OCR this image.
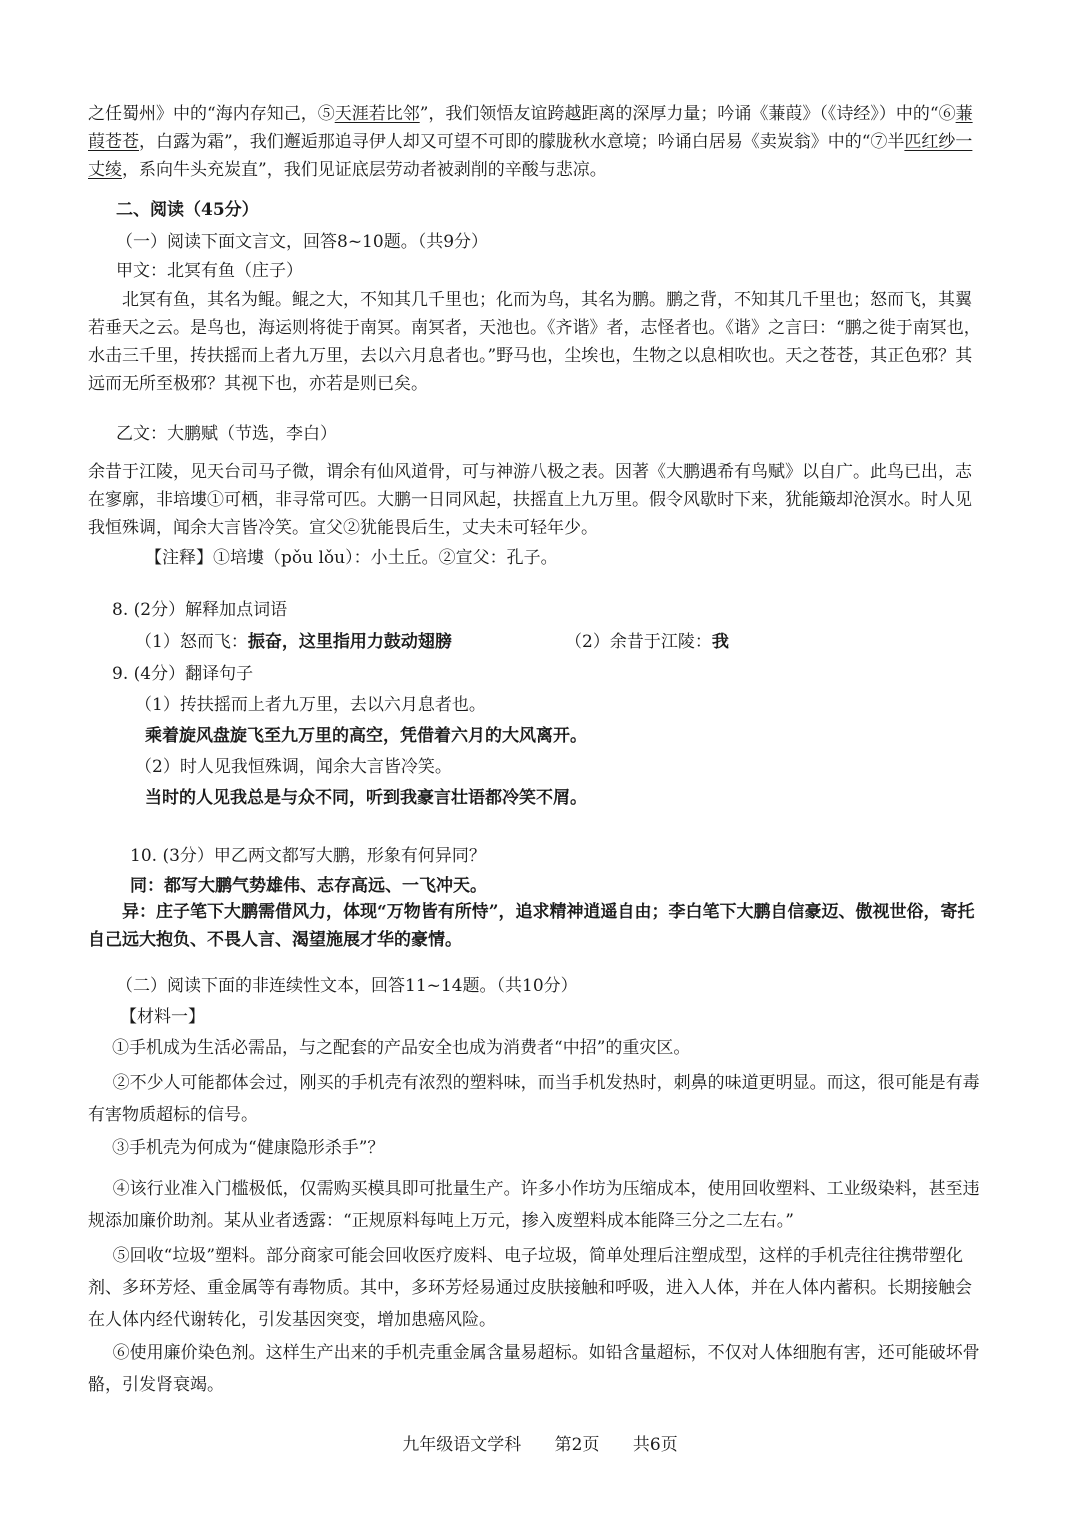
之任蜀州》中的“海内存知己，⑤天涯若比邻”，我们领悟友谊跨越距离的深厚力量；吟诵《蒹葭》（《诗经》）中的“⑥蒹葭苍苍，白露为霜”，我们邂逅那追寻伊人却又可望不可即的朦胧秋水意境；吟诵白居易《卖炭翁》中的“⑦半匹红纱一丈绫，系向牛头充炭直”，我们见证底层劳动者被剥削的辛酸与悲凉。

二、阅读（45分）
（一）阅读下面文言文，回答8~10题。（共9分）
甲文：北冥有鱼（庄子）

北冥有鱼，其名为鲲。鲲之大，不知其几千里也；化而为鸟，其名为鹏。鹏之背，不知其几千里也；怒而飞，其翼若垂天之云。是鸟也，海运则将徙于南冥。南冥者，天池也。《齐谐》者，志怪者也。《谐》之言曰：“鹏之徙于南冥也，水击三千里，抟扶摇而上者九万里，去以六月息者也。”野马也，尘埃也，生物之以息相吹也。天之苍苍，其正色邪？其远而无所至极邪？其视下也，亦若是则已矣。

乙文：大鹏赋（节选，李白）

余昔于江陵，见天台司马子微，谓余有仙风道骨，可与神游八极之表。因著《大鹏遇希有鸟赋》以自广。此鸟已出，志在寥廓，非培塿①可栖，非寻常可匹。大鹏一日同风起，扶摇直上九万里。假令风歇时下来，犹能簸却沧溟水。时人见我恒殊调，闻余大言皆冷笑。宣父②犹能畏后生，丈夫未可轻年少。

【注释】①培塿（pǒu lǒu）：小土丘。②宣父：孔子。
8. (2分）解释加点词语
（1）怒而飞：振奋，这里指用力鼓动翅膀	（2）余昔于江陵：我
9. (4分）翻译句子
（1）抟扶摇而上者九万里，去以六月息者也。
乘着旋风盘旋飞至九万里的高空，凭借着六月的大风离开。
（2）时人见我恒殊调，闻余大言皆冷笑。
当时的人见我总是与众不同，听到我豪言壮语都冷笑不屑。
10. (3分）甲乙两文都写大鹏，形象有何异同？
同：都写大鹏气势雄伟、志存高远、一飞冲天。

异：庄子笔下大鹏需借风力，体现“万物皆有所恃”，追求精神逍遥自由；李白笔下大鹏自信豪迈、傲视世俗，寄托自己远大抱负、不畏人言、渴望施展才华的豪情。

（二）阅读下面的非连续性文本，回答11~14题。（共10分）
【材料一】
①手机成为生活必需品，与之配套的产品安全也成为消费者“中招”的重灾区。

②不少人可能都体会过，刚买的手机壳有浓烈的塑料味，而当手机发热时，刺鼻的味道更明显。而这，很可能是有毒有害物质超标的信号。

③手机壳为何成为“健康隐形杀手”？

④该行业准入门槛极低，仅需购买模具即可批量生产。许多小作坊为压缩成本，使用回收塑料、工业级染料，甚至违规添加廉价助剂。某从业者透露：“正规原料每吨上万元，掺入废塑料成本能降三分之二左右。”

⑤回收“垃圾”塑料。部分商家可能会回收医疗废料、电子垃圾，简单处理后注塑成型，这样的手机壳往往携带塑化剂、多环芳烃、重金属等有毒物质。其中，多环芳烃易通过皮肤接触和呼吸，进入人体，并在人体内蓄积。长期接触会在人体内经代谢转化，引发基因突变，增加患癌风险。

⑥使用廉价染色剂。这样生产出来的手机壳重金属含量易超标。如铅含量超标，不仅对人体细胞有害，还可能破坏骨骼，引发肾衰竭。

九年级语文学科 第2页 共6页
